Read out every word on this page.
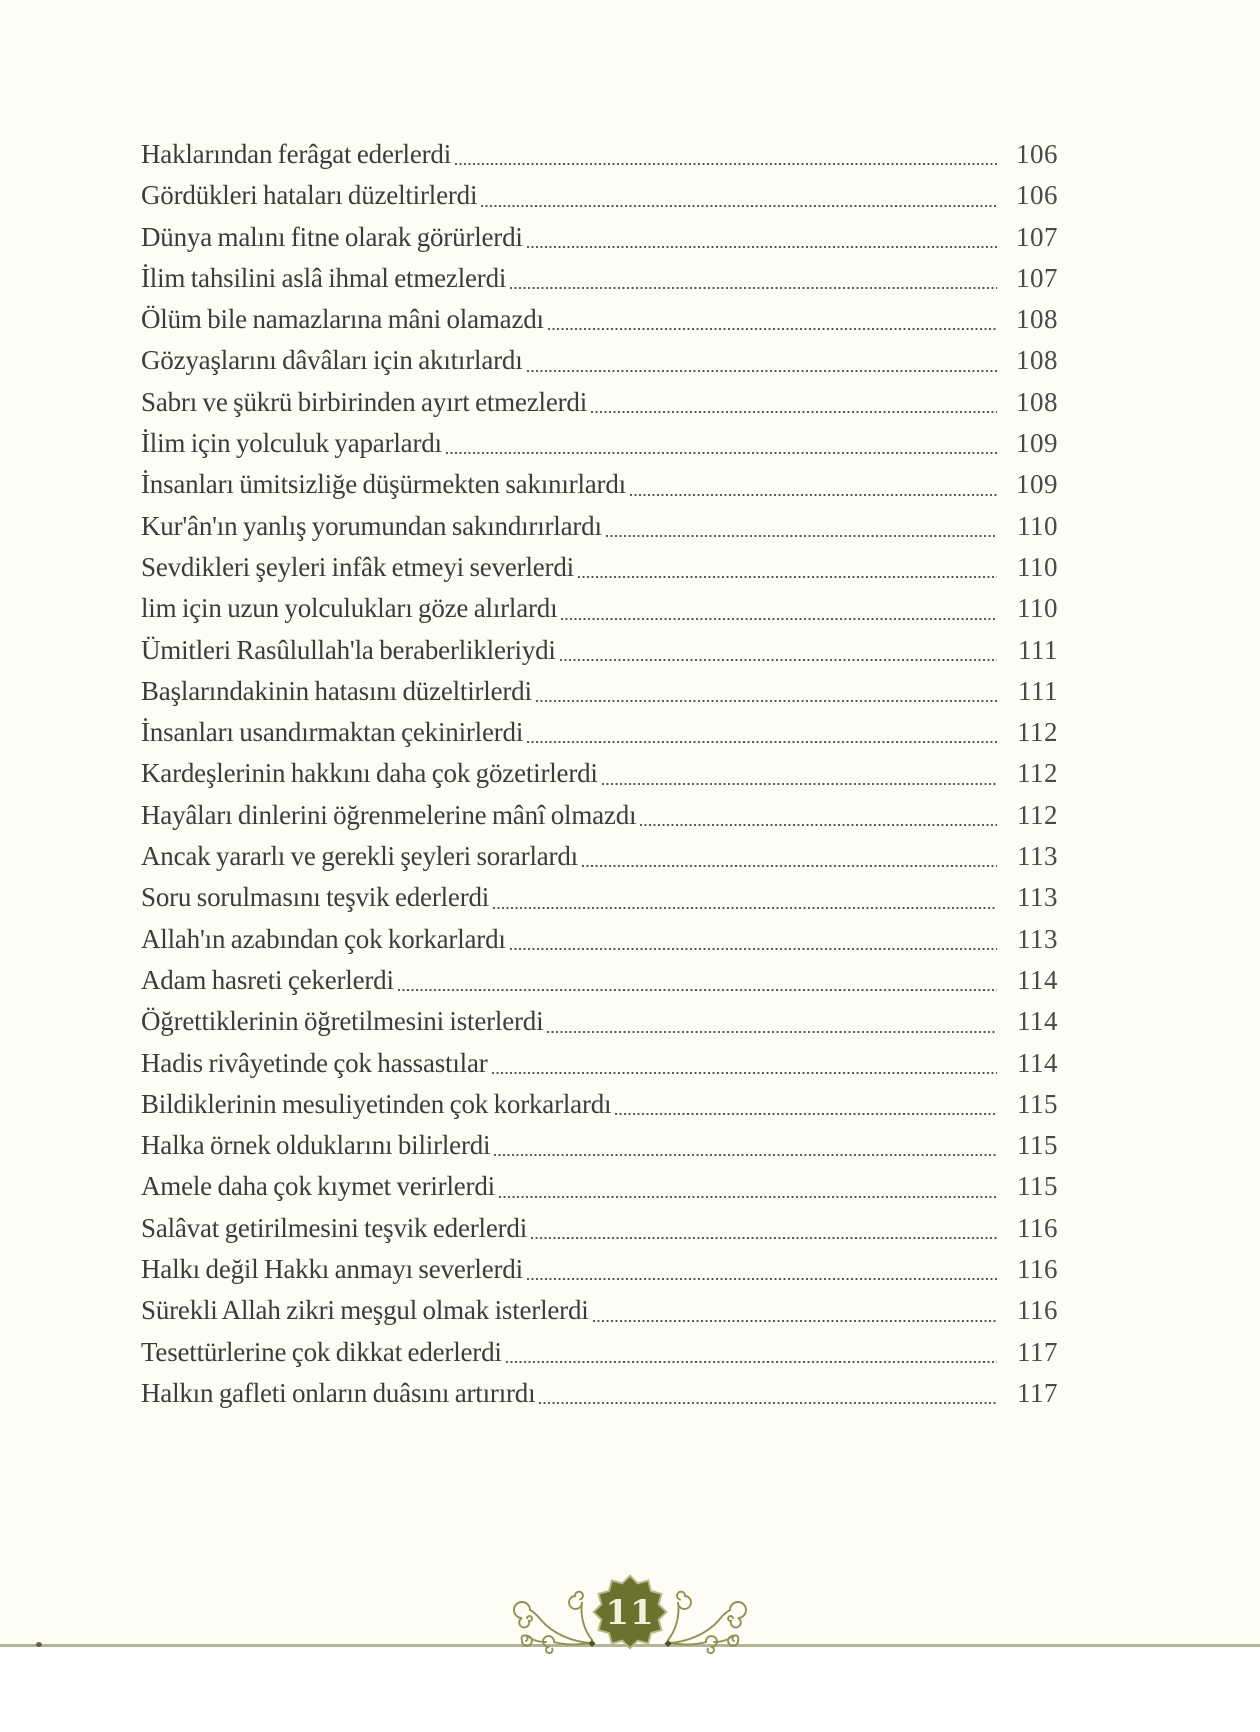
Haklarından ferâgat ederlerdi	106
Gördükleri hataları düzeltirlerdi	106
Dünya malını fitne olarak görürlerdi	107
İlim tahsilini aslâ ihmal etmezlerdi	107
Ölüm bile namazlarına mâni olamazdı	108
Gözyaşlarını dâvâları için akıtırlardı	108
Sabrı ve şükrü birbirinden ayırt etmezlerdi	108
İlim için yolculuk yaparlardı	109
İnsanları ümitsizliğe düşürmekten sakınırlardı	109
Kur'ân'ın yanlış yorumundan sakındırırlardı	110
Sevdikleri şeyleri infâk etmeyi severlerdi	110
lim için uzun yolculukları göze alırlardı	110
Ümitleri Rasûlullah'la beraberlikleriydi	111
Başlarındakinin hatasını düzeltirlerdi	111
İnsanları usandırmaktan çekinirlerdi	112
Kardeşlerinin hakkını daha çok gözetirlerdi	112
Hayâları dinlerini öğrenmelerine mânî olmazdı	112
Ancak yararlı ve gerekli şeyleri sorarlardı	113
Soru sorulmasını teşvik ederlerdi	113
Allah'ın azabından çok korkarlardı	113
Adam hasreti çekerlerdi	114
Öğrettiklerinin öğretilmesini isterlerdi	114
Hadis rivâyetinde çok hassastılar	114
Bildiklerinin mesuliyetinden çok korkarlardı	115
Halka örnek olduklarını bilirlerdi	115
Amele daha çok kıymet verirlerdi	115
Salâvat getirilmesini teşvik ederlerdi	116
Halkı değil Hakkı anmayı severlerdi	116
Sürekli Allah zikri meşgul olmak isterlerdi	116
Tesettürlerine çok dikkat ederlerdi	117
Halkın gafleti onların duâsını artırırdı	117
11
